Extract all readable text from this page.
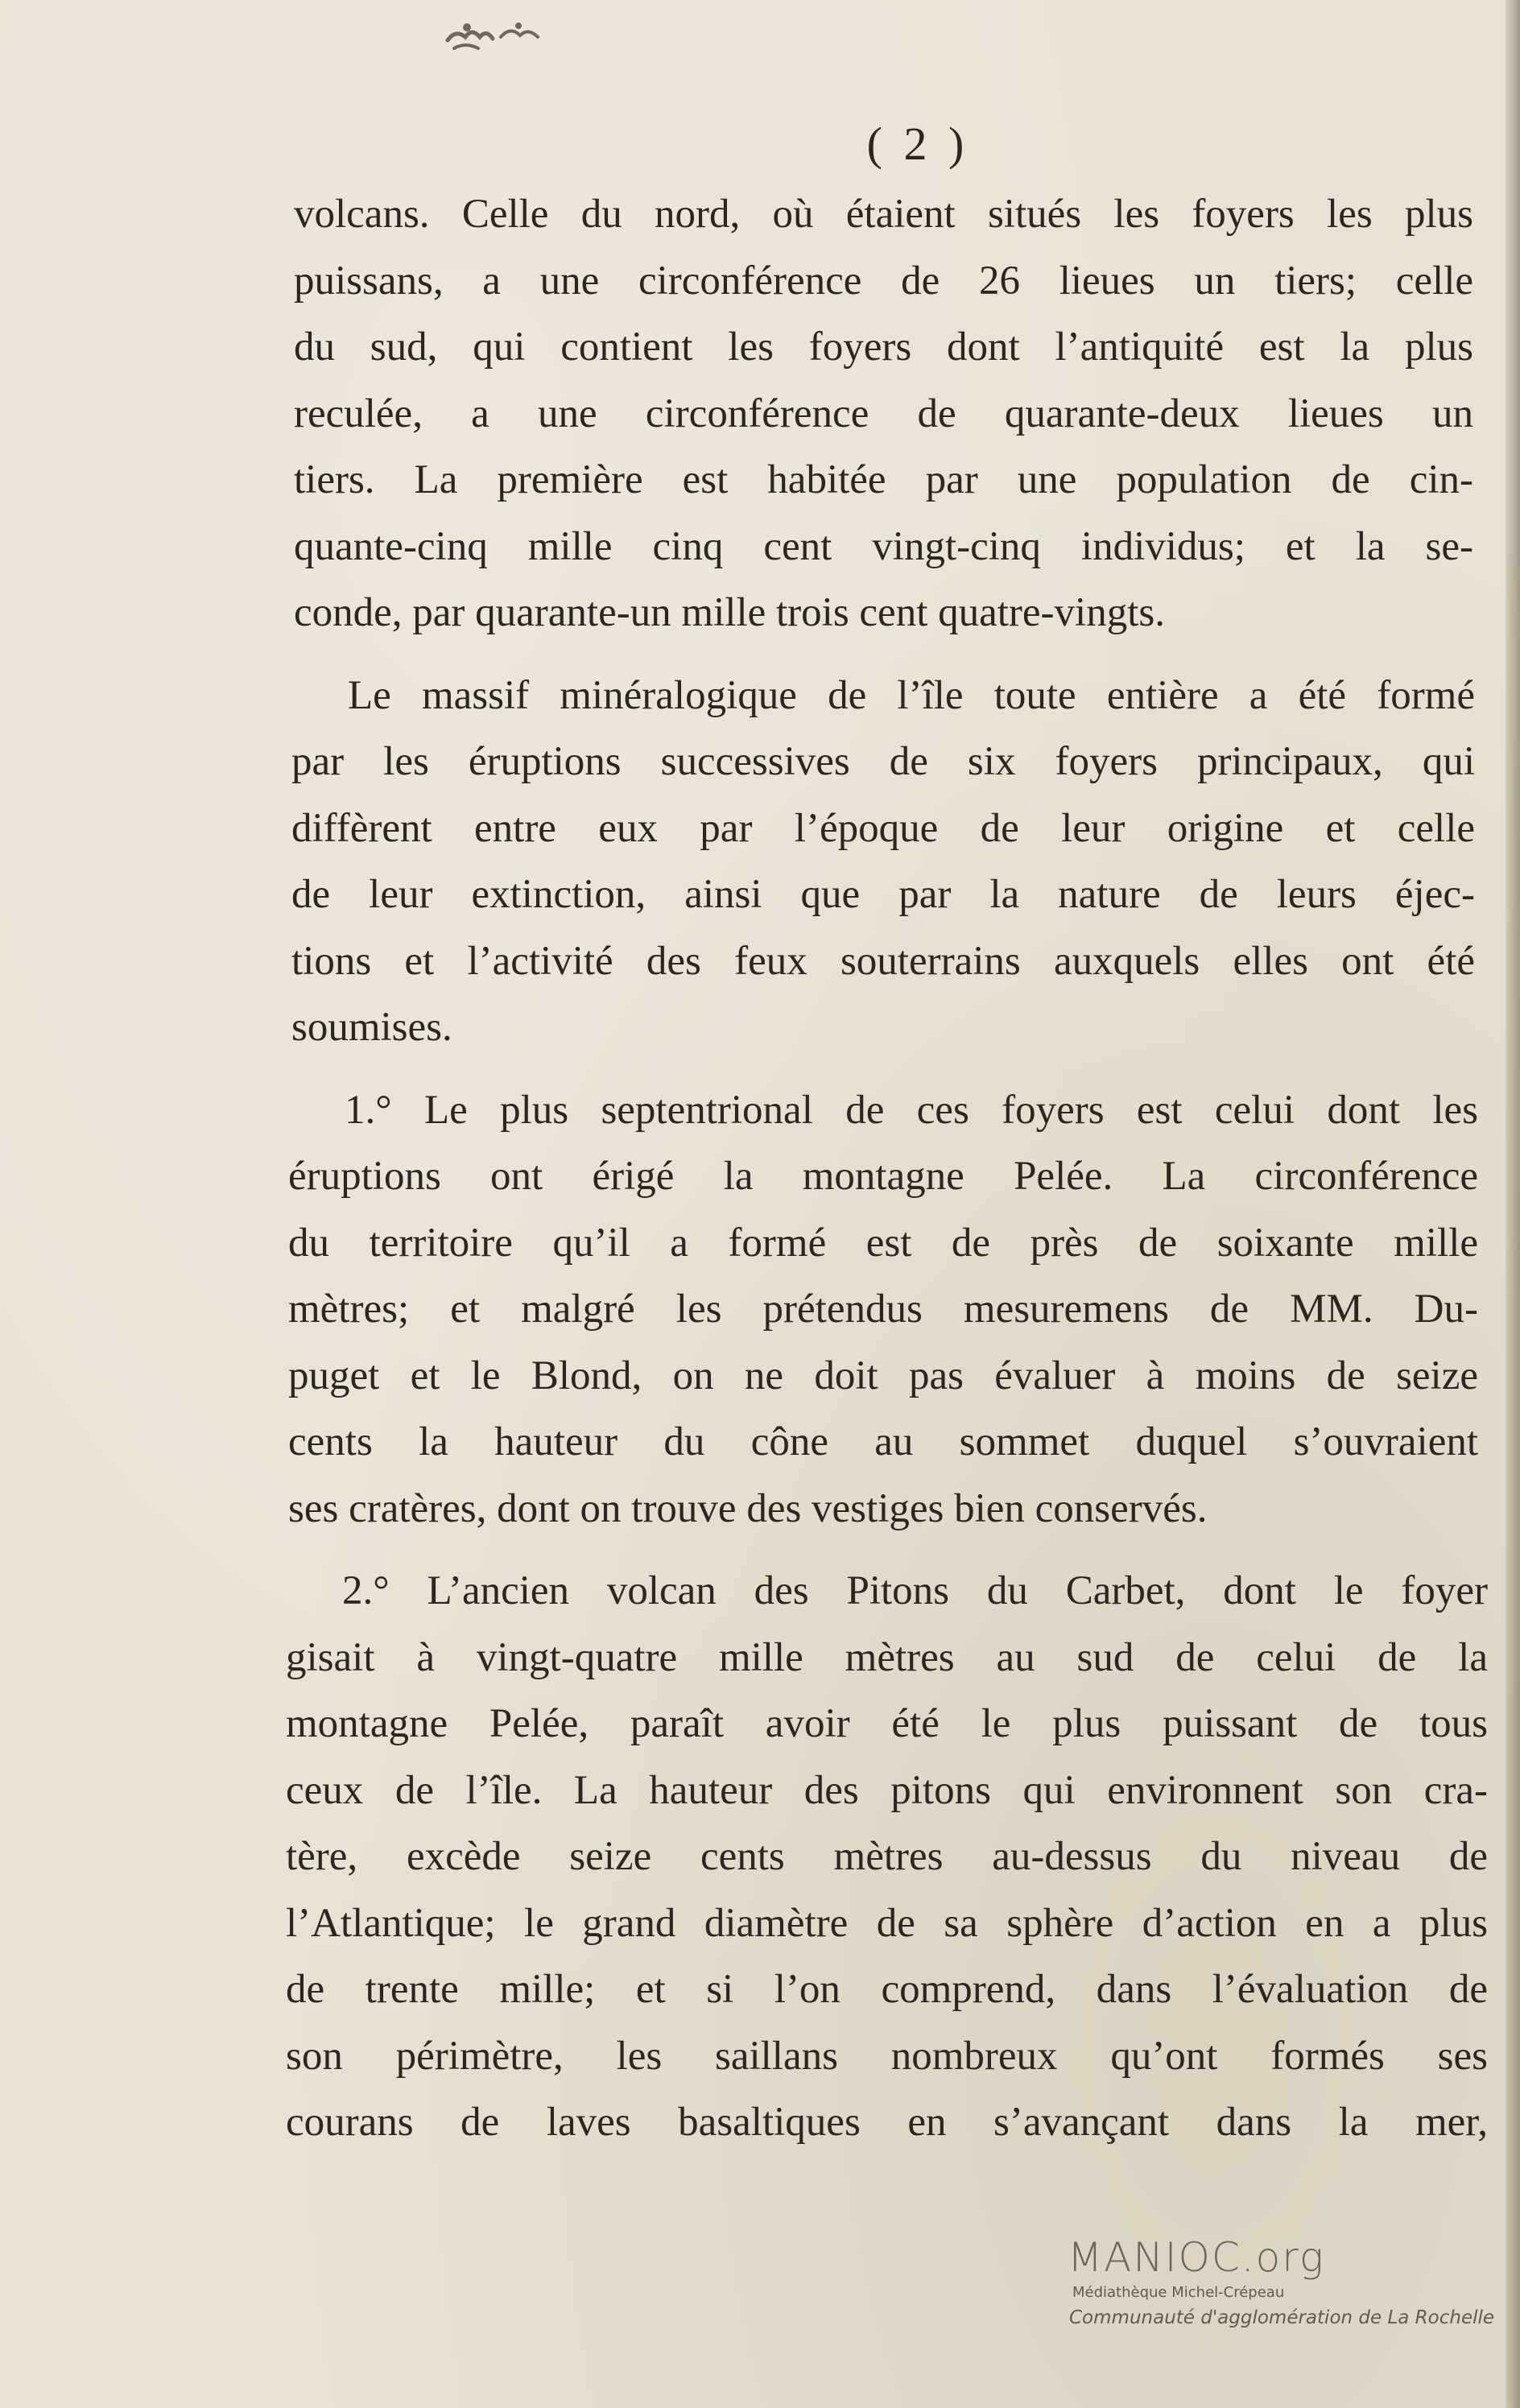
( 2 )
volcans. Celle du nord, où étaient situés les foyers les plus
puissans, a une circonférence de 26 lieues un tiers; celle
du sud, qui contient les foyers dont l’antiquité est la plus
reculée, a une circonférence de quarante-deux lieues un
tiers. La première est habitée par une population de cin-
quante-cinq mille cinq cent vingt-cinq individus; et la se-
conde, par quarante-un mille trois cent quatre-vingts.
Le massif minéralogique de l’île toute entière a été formé
par les éruptions successives de six foyers principaux, qui
diffèrent entre eux par l’époque de leur origine et celle
de leur extinction, ainsi que par la nature de leurs éjec-
tions et l’activité des feux souterrains auxquels elles ont été
soumises.
1.° Le plus septentrional de ces foyers est celui dont les
éruptions ont érigé la montagne Pelée. La circonférence
du territoire qu’il a formé est de près de soixante mille
mètres; et malgré les prétendus mesuremens de MM. Du-
puget et le Blond, on ne doit pas évaluer à moins de seize
cents la hauteur du cône au sommet duquel s’ouvraient
ses cratères, dont on trouve des vestiges bien conservés.
2.° L’ancien volcan des Pitons du Carbet, dont le foyer
gisait à vingt-quatre mille mètres au sud de celui de la
montagne Pelée, paraît avoir été le plus puissant de tous
ceux de l’île. La hauteur des pitons qui environnent son cra-
tère, excède seize cents mètres au-dessus du niveau de
l’Atlantique; le grand diamètre de sa sphère d’action en a plus
de trente mille; et si l’on comprend, dans l’évaluation de
son périmètre, les saillans nombreux qu’ont formés ses
courans de laves basaltiques en s’avançant dans la mer,
MANIOC.org
Médiathèque Michel-Crépeau
Communauté d'agglomération de La Rochelle
